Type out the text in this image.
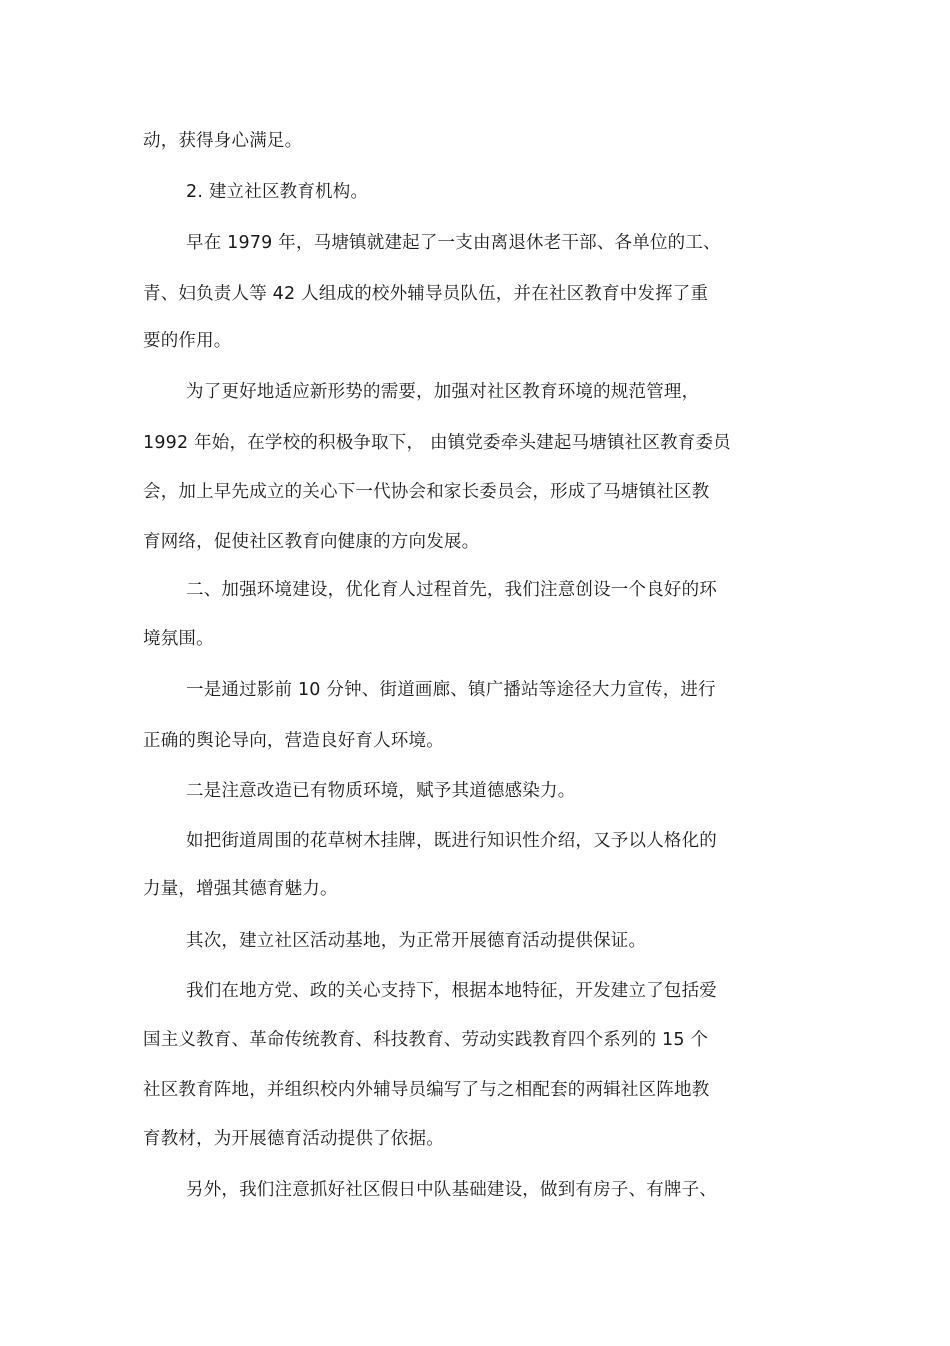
动，获得身心满足。
2. 建立社区教育机构。
早在 1979 年，马塘镇就建起了一支由离退休老干部、各单位的工、
青、妇负责人等 42 人组成的校外辅导员队伍，并在社区教育中发挥了重
要的作用。
为了更好地适应新形势的需要，加强对社区教育环境的规范管理，
1992 年始，在学校的积极争取下， 由镇党委牵头建起马塘镇社区教育委员
会，加上早先成立的关心下一代协会和家长委员会，形成了马塘镇社区教
育网络，促使社区教育向健康的方向发展。
二、加强环境建设，优化育人过程首先，我们注意创设一个良好的环
境氛围。
一是通过影前 10 分钟、街道画廊、镇广播站等途径大力宣传，进行
正确的舆论导向，营造良好育人环境。
二是注意改造已有物质环境，赋予其道德感染力。
如把街道周围的花草树木挂牌，既进行知识性介绍，又予以人格化的
力量，增强其德育魅力。
其次，建立社区活动基地，为正常开展德育活动提供保证。
我们在地方党、政的关心支持下，根据本地特征，开发建立了包括爱
国主义教育、革命传统教育、科技教育、劳动实践教育四个系列的 15 个
社区教育阵地，并组织校内外辅导员编写了与之相配套的两辑社区阵地教
育教材，为开展德育活动提供了依据。
另外，我们注意抓好社区假日中队基础建设，做到有房子、有牌子、
